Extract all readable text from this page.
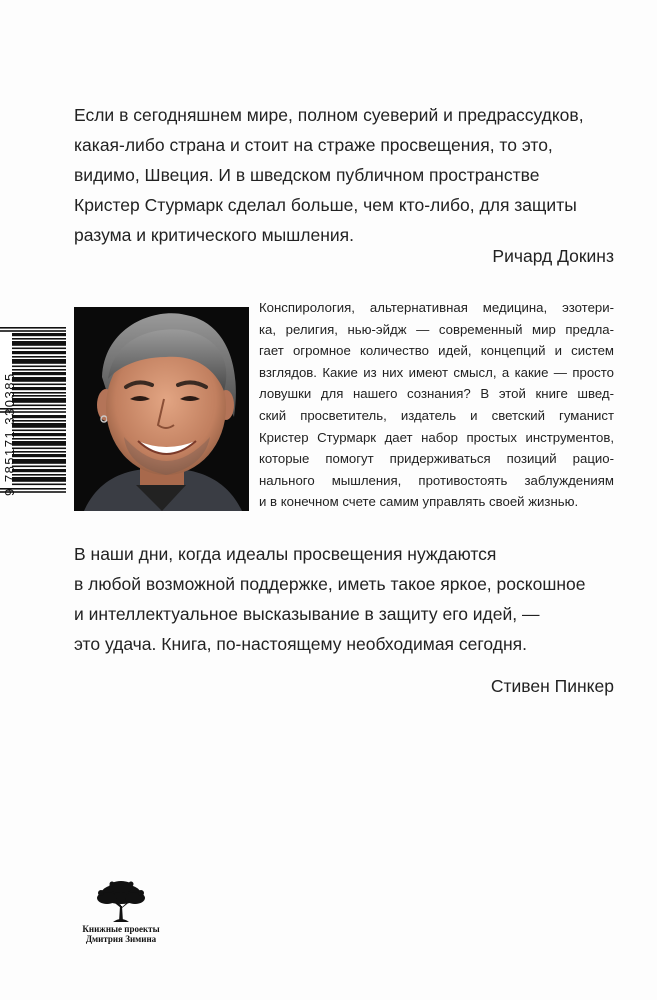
Если в сегодняшнем мире, полном суеверий и предрассудков,
какая-либо страна и стоит на страже просвещения, то это,
видимо, Швеция. И в шведском публичном пространстве
Кристер Стурмарк сделал больше, чем кто-либо, для защиты
разума и критического мышления.
Ричард Докинз
9 785171 330385
Конспирология, альтернативная медицина, эзотери-
ка, религия, нью-эйдж — современный мир предла-
гает огромное количество идей, концепций и систем
взглядов. Какие из них имеют смысл, а какие — просто
ловушки для нашего сознания? В этой книге швед-
ский просветитель, издатель и светский гуманист
Кристер Стурмарк дает набор простых инструментов,
которые помогут придерживаться позиций рацио-
нального мышления, противостоять заблуждениям
и в конечном счете самим управлять своей жизнью.
В наши дни, когда идеалы просвещения нуждаются
в любой возможной поддержке, иметь такое яркое, роскошное
и интеллектуальное высказывание в защиту его идей, —
это удача. Книга, по-настоящему необходимая сегодня.
Стивен Пинкер
Книжные проекты
Дмитрия Зимина
